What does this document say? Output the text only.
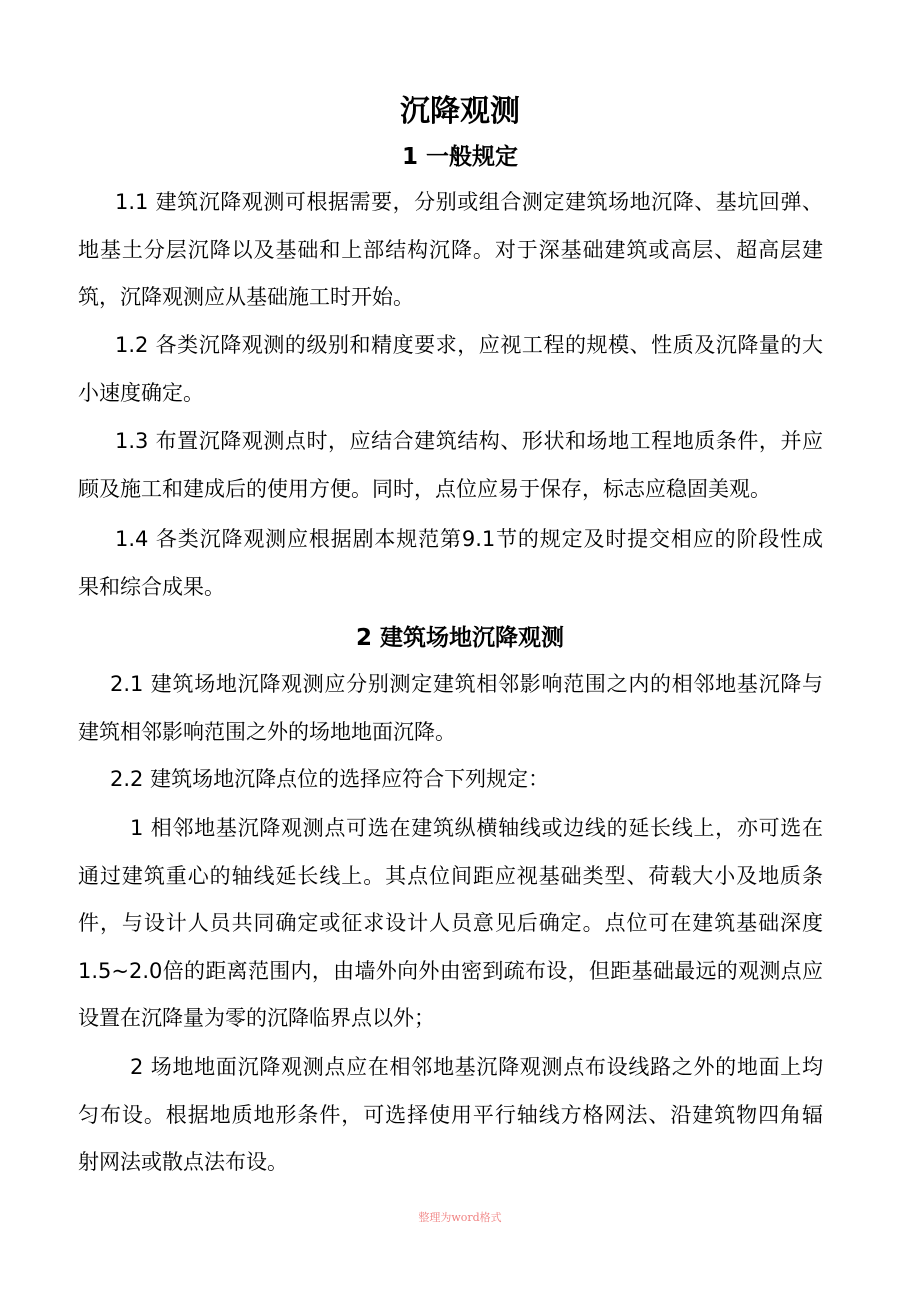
沉降观测
1 一般规定
1.1 建筑沉降观测可根据需要，分别或组合测定建筑场地沉降、基坑回弹、
地基土分层沉降以及基础和上部结构沉降。对于深基础建筑或高层、超高层建
筑，沉降观测应从基础施工时开始。
1.2 各类沉降观测的级别和精度要求，应视工程的规模、性质及沉降量的大
小速度确定。
1.3 布置沉降观测点时，应结合建筑结构、形状和场地工程地质条件，并应
顾及施工和建成后的使用方便。同时，点位应易于保存，标志应稳固美观。
1.4 各类沉降观测应根据剧本规范第9.1节的规定及时提交相应的阶段性成
果和综合成果。
2.1 建筑场地沉降观测应分别测定建筑相邻影响范围之内的相邻地基沉降与
建筑相邻影响范围之外的场地地面沉降。
2.2 建筑场地沉降点位的选择应符合下列规定：
1 相邻地基沉降观测点可选在建筑纵横轴线或边线的延长线上，亦可选在
通过建筑重心的轴线延长线上。其点位间距应视基础类型、荷载大小及地质条
件，与设计人员共同确定或征求设计人员意见后确定。点位可在建筑基础深度
1.5~2.0倍的距离范围内，由墙外向外由密到疏布设，但距基础最远的观测点应
设置在沉降量为零的沉降临界点以外；
2 场地地面沉降观测点应在相邻地基沉降观测点布设线路之外的地面上均
匀布设。根据地质地形条件，可选择使用平行轴线方格网法、沿建筑物四角辐
射网法或散点法布设。
2 建筑场地沉降观测
整理为word格式
